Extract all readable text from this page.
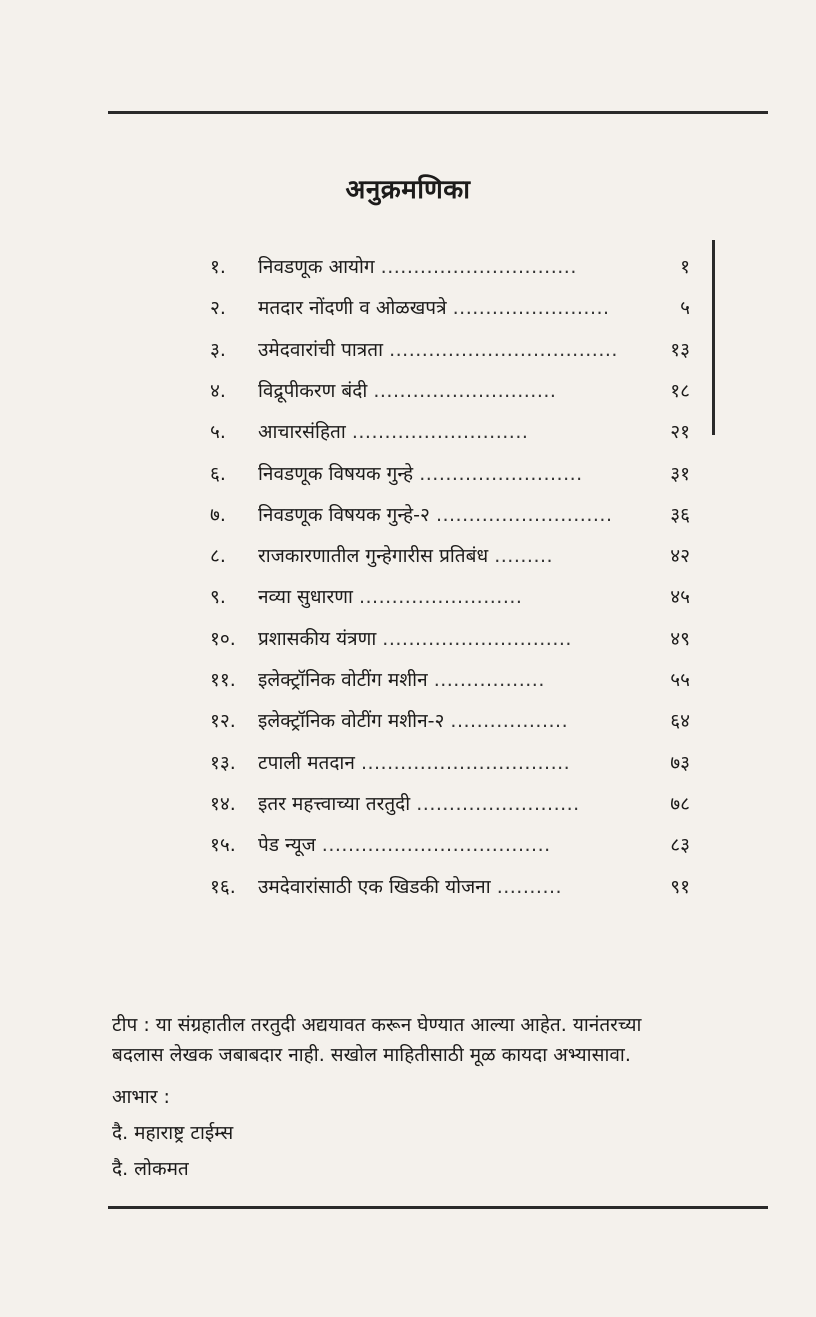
अनुक्रमणिका
१.	निवडणूक आयोग ..............................	१
२.	मतदार नोंदणी व ओळखपत्रे ........................	५
३.	उमेदवारांची पात्रता ...................................	१३
४.	विद्रूपीकरण बंदी ............................	१८
५.	आचारसंहिता ...........................	२१
६.	निवडणूक विषयक गुन्हे .........................	३१
७.	निवडणूक विषयक गुन्हे-२ ...........................	३६
८.	राजकारणातील गुन्हेगारीस प्रतिबंध .........	४२
९.	नव्या सुधारणा .........................	४५
१०.	प्रशासकीय यंत्रणा .............................	४९
११.	इलेक्ट्रॉनिक वोटींग मशीन .................	५५
१२.	इलेक्ट्रॉनिक वोटींग मशीन-२ ..................	६४
१३.	टपाली मतदान ................................	७३
१४.	इतर महत्त्वाच्या तरतुदी .........................	७८
१५.	पेड न्यूज ...................................	८३
१६.	उमदेवारांसाठी एक खिडकी योजना ..........	९१

टीप : या संग्रहातील तरतुदी अद्ययावत करून घेण्यात आल्या आहेत. यानंतरच्या

बदलास लेखक जबाबदार नाही. सखोल माहितीसाठी मूळ कायदा अभ्यासावा.

आभार :
दै. महाराष्ट्र टाईम्स
दै. लोकमत
